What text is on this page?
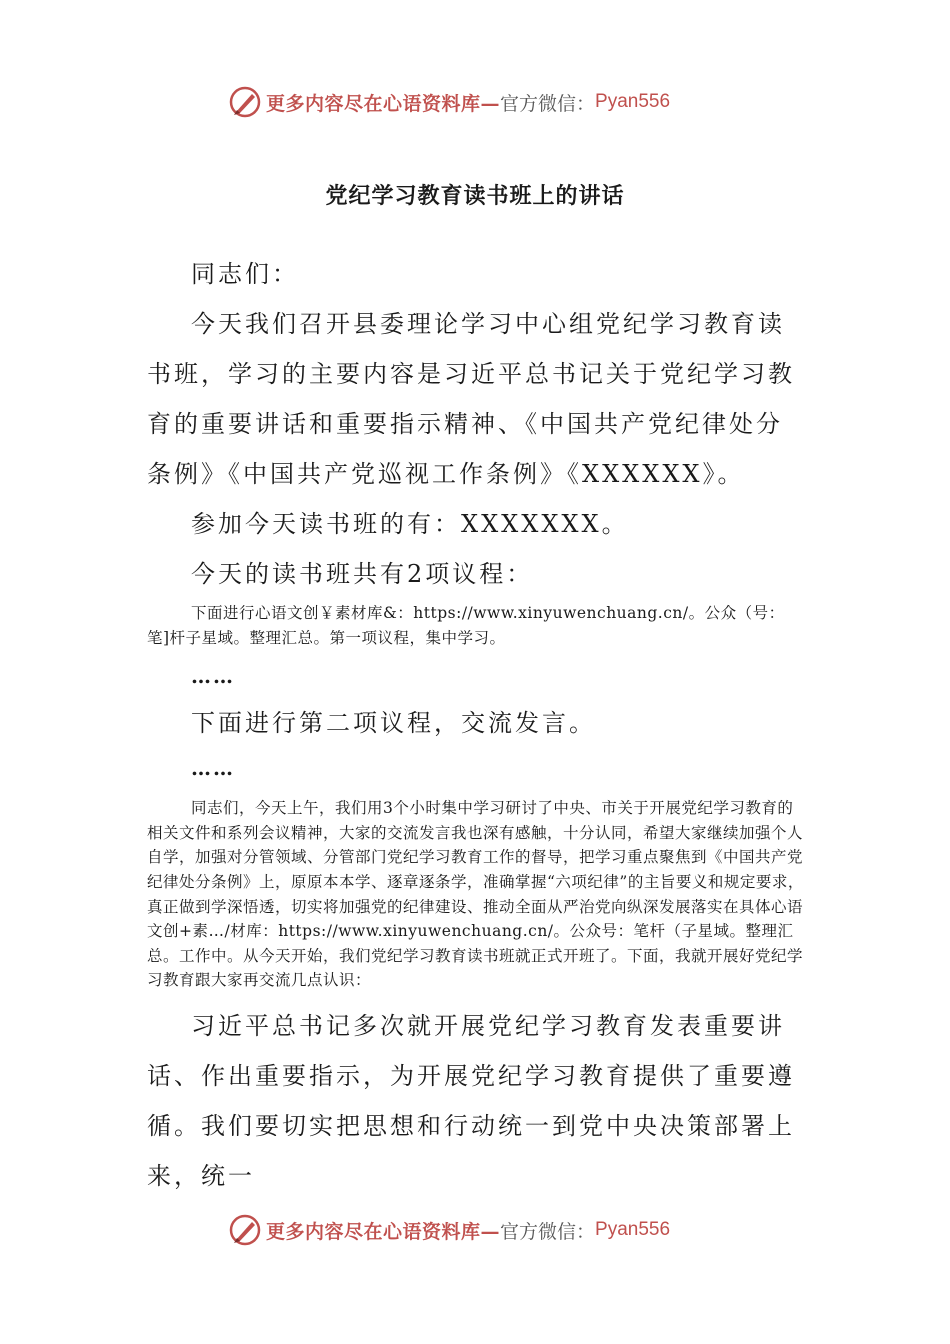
更多内容尽在心语资料库— 官方微信： Pyan556
党纪学习教育读书班上的讲话

同志们：

今天我们召开县委理论学习中心组党纪学习教育读书班，学习的主要内容是习近平总书记关于党纪学习教育的重要讲话和重要指示精神、《中国共产党纪律处分条例》《中国共产党巡视工作条例》《XXXXXX》。

参加今天读书班的有：XXXXXXX。

今天的读书班共有2项议程：

下面进行心语文创￥素材库&：https://www.xinyuwenchuang.cn/。公众（号：笔]杆子星域。整理汇总。第一项议程，集中学习。

……

下面进行第二项议程，交流发言。

……

同志们，今天上午，我们用3个小时集中学习研讨了中央、市关于开展党纪学习教育的相关文件和系列会议精神，大家的交流发言我也深有感触，十分认同，希望大家继续加强个人自学，加强对分管领域、分管部门党纪学习教育工作的督导，把学习重点聚焦到《中国共产党纪律处分条例》上，原原本本学、逐章逐条学，准确掌握“六项纪律”的主旨要义和规定要求，真正做到学深悟透，切实将加强党的纪律建设、推动全面从严治党向纵深发展落实在具体心语文创+素…/材库：https://www.xinyuwenchuang.cn/。公众号：笔杆（子星域。整理汇总。工作中。从今天开始，我们党纪学习教育读书班就正式开班了。下面，我就开展好党纪学习教育跟大家再交流几点认识：

习近平总书记多次就开展党纪学习教育发表重要讲话、作出重要指示，为开展党纪学习教育提供了重要遵循。我们要切实把思想和行动统一到党中央决策部署上来，统一

更多内容尽在心语资料库— 官方微信： Pyan556
